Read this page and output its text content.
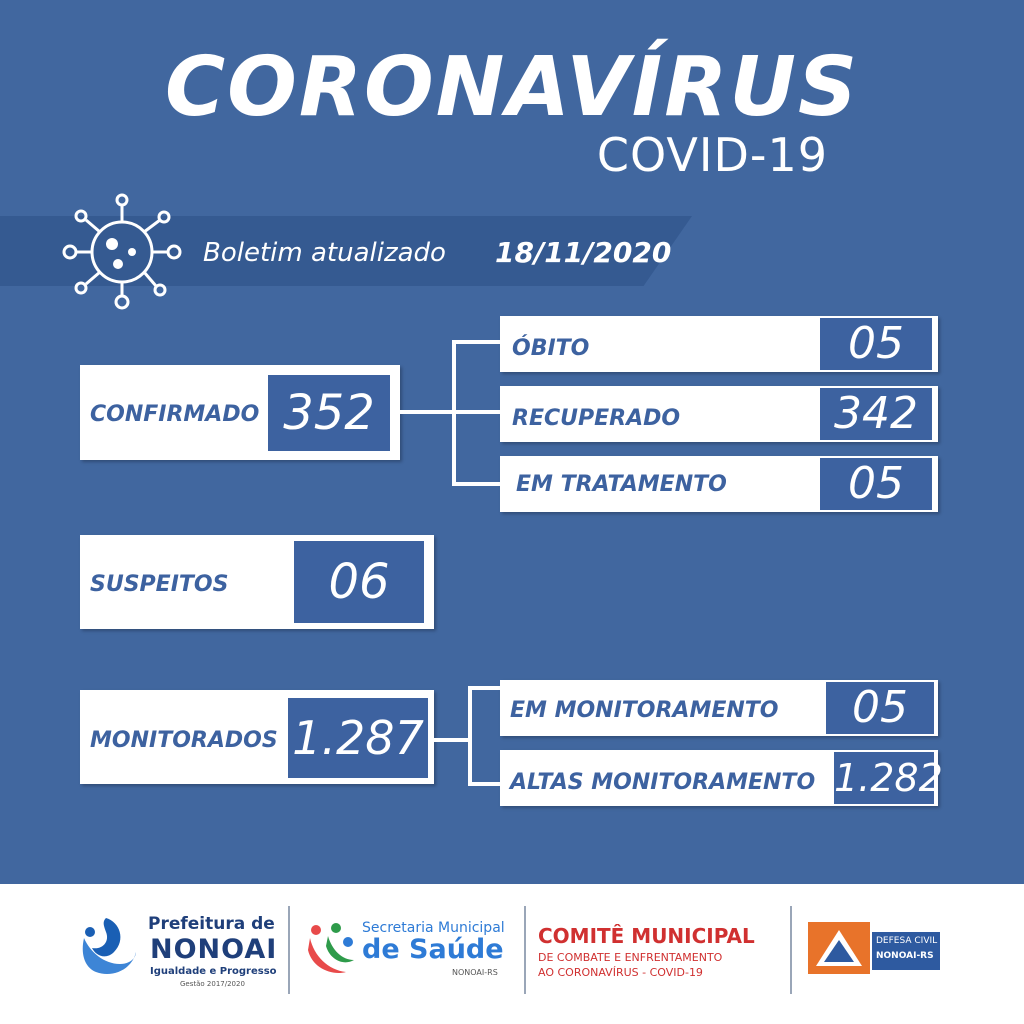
CORONAVÍRUS
COVID-19
Boletim atualizado 18/11/2020
CONFIRMADO 352
ÓBITO	05
RECUPERADO	342
EM TRATAMENTO	05
SUSPEITOS	06
MONITORADOS 1.287
EM MONITORAMENTO	05
ALTAS MONITORAMENTO 1.282
Prefeitura de
NONOAI
Igualdade e Progresso
Gestão 2017/2020
Secretaria Municipal
de Saúde
NONOAI-RS
COMITÊ MUNICIPAL
DE COMBATE E ENFRENTAMENTO
AO CORONAVÍRUS - COVID-19
DEFESA CIVIL
NONOAI-RS
